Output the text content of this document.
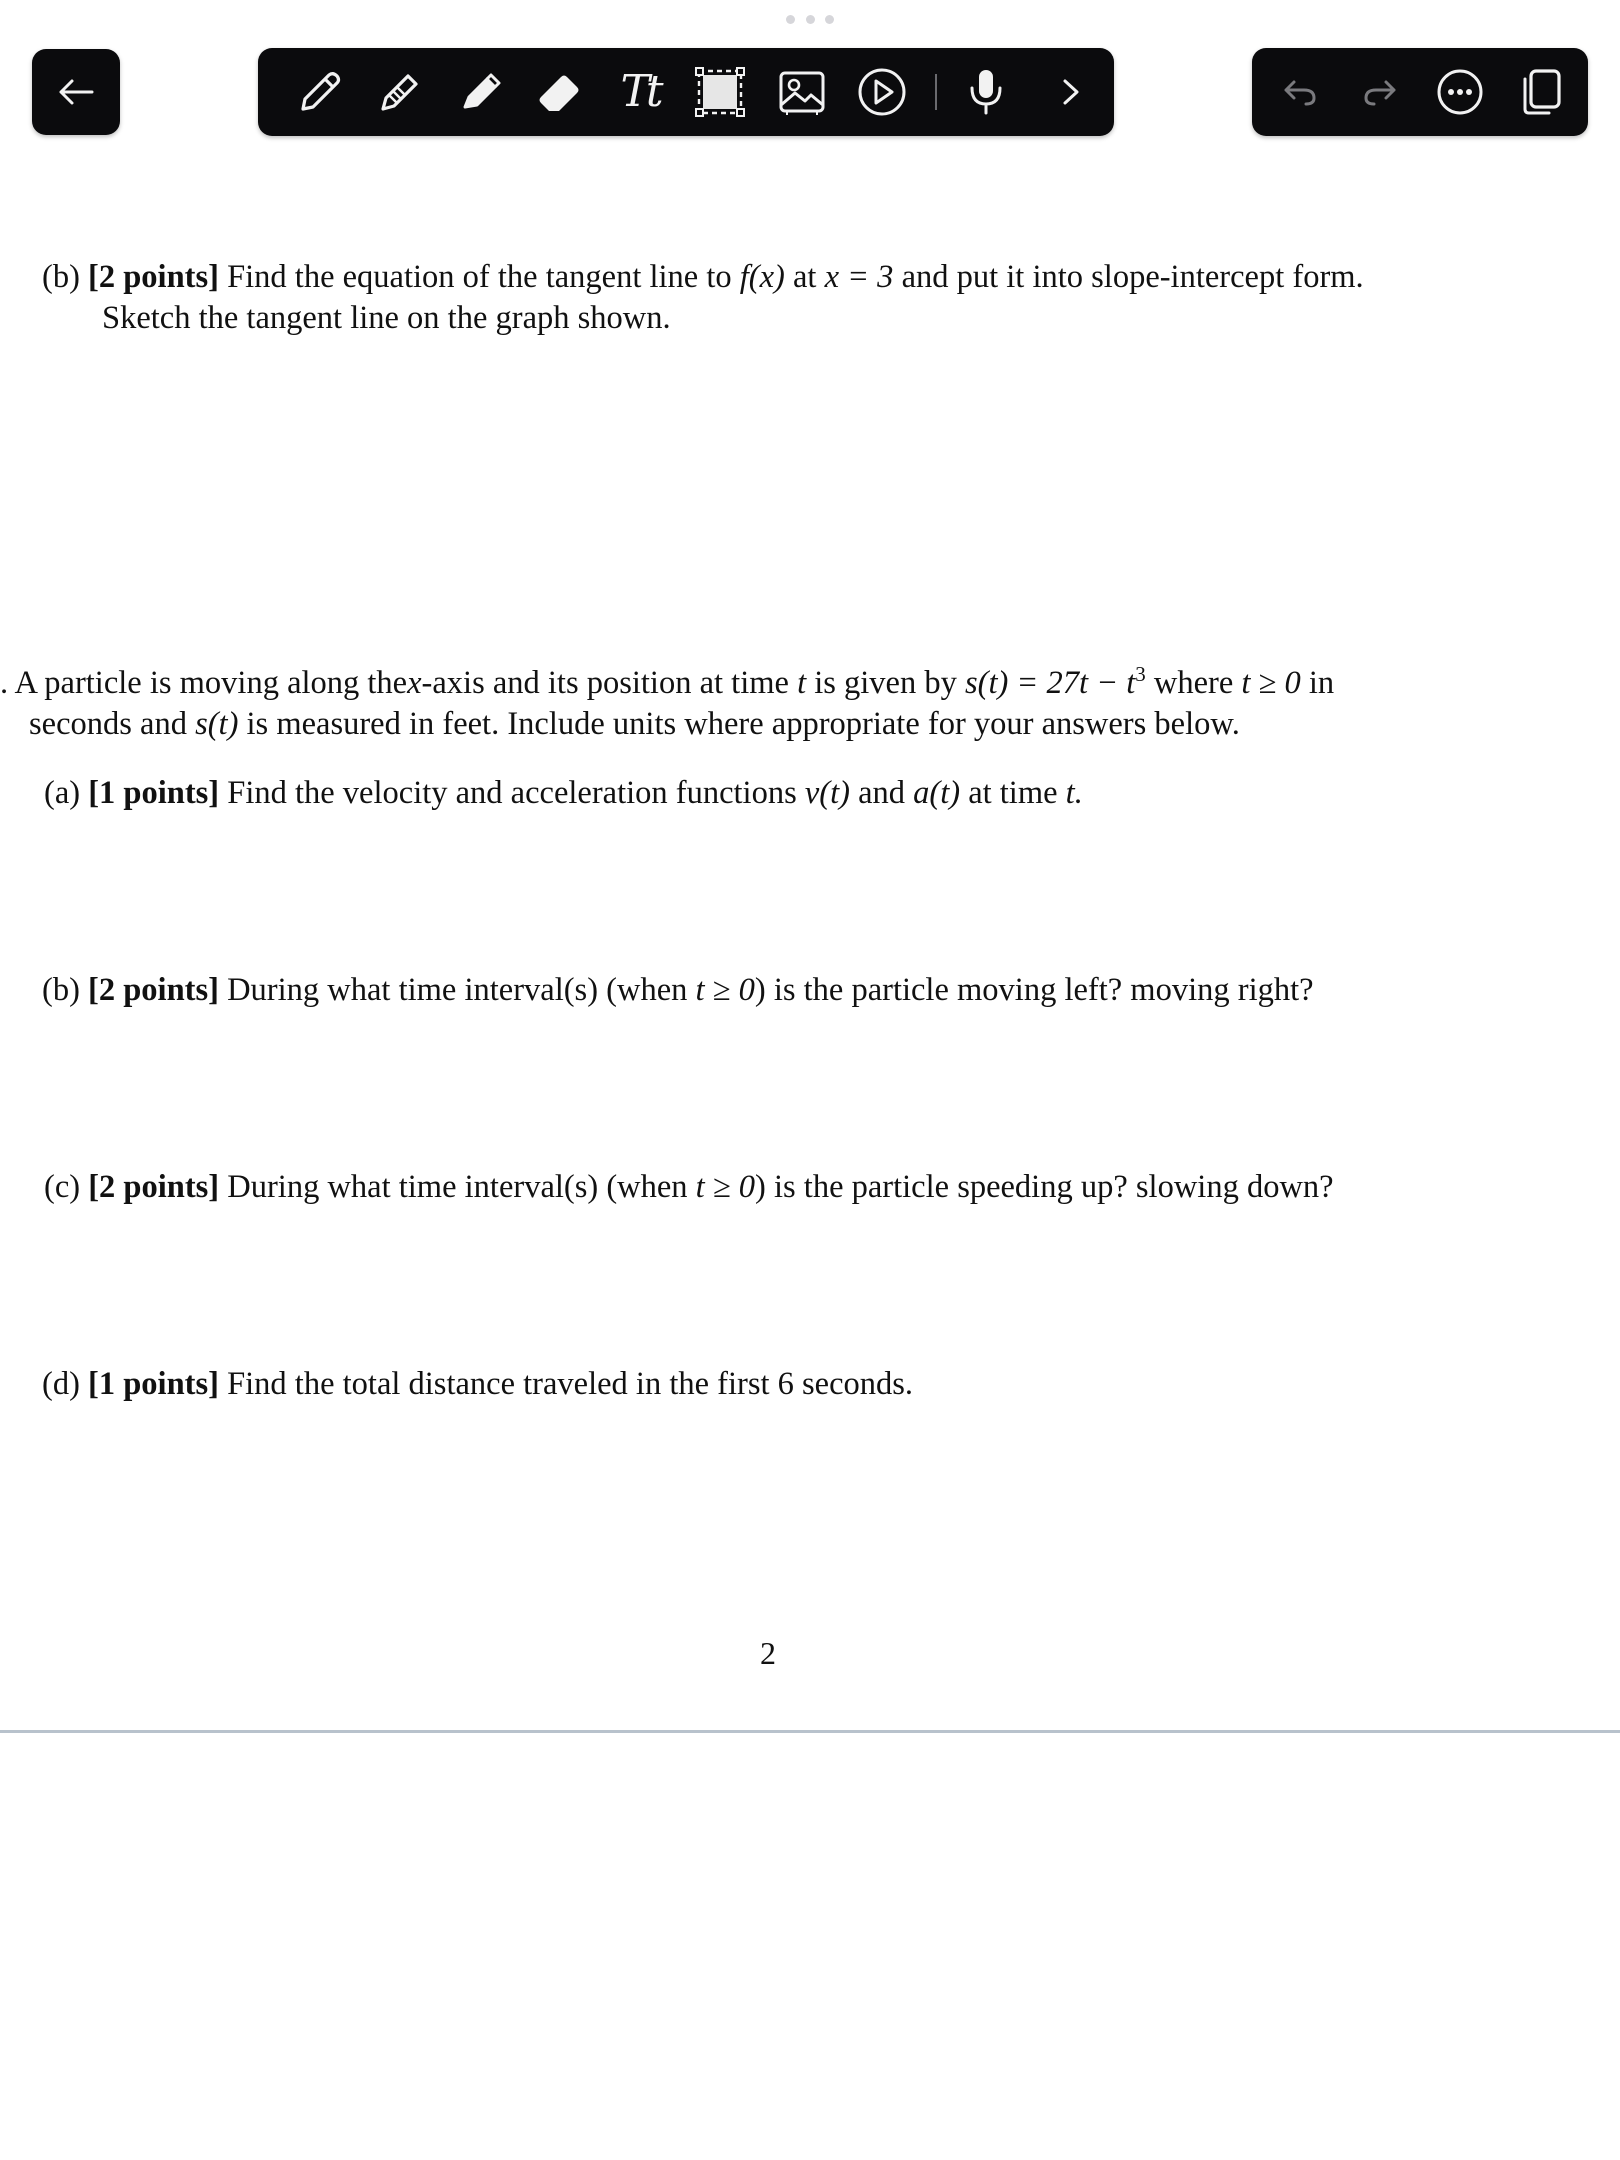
Tt
(b) [2 points] Find the equation of the tangent line to f(x) at x = 3 and put it into slope-intercept form.
Sketch the tangent line on the graph shown.
. A particle is moving along thex-axis and its position at time t is given by $s(t) = 27t - t^3$ where t ≥ 0 in
seconds and s(t) is measured in feet. Include units where appropriate for your answers below.
(a) [1 points] Find the velocity and acceleration functions v(t) and a(t) at time t.
(b) [2 points] During what time interval(s) (when t ≥ 0) is the particle moving left? moving right?
(c) [2 points] During what time interval(s) (when t ≥ 0) is the particle speeding up? slowing down?
(d) [1 points] Find the total distance traveled in the first 6 seconds.
2
